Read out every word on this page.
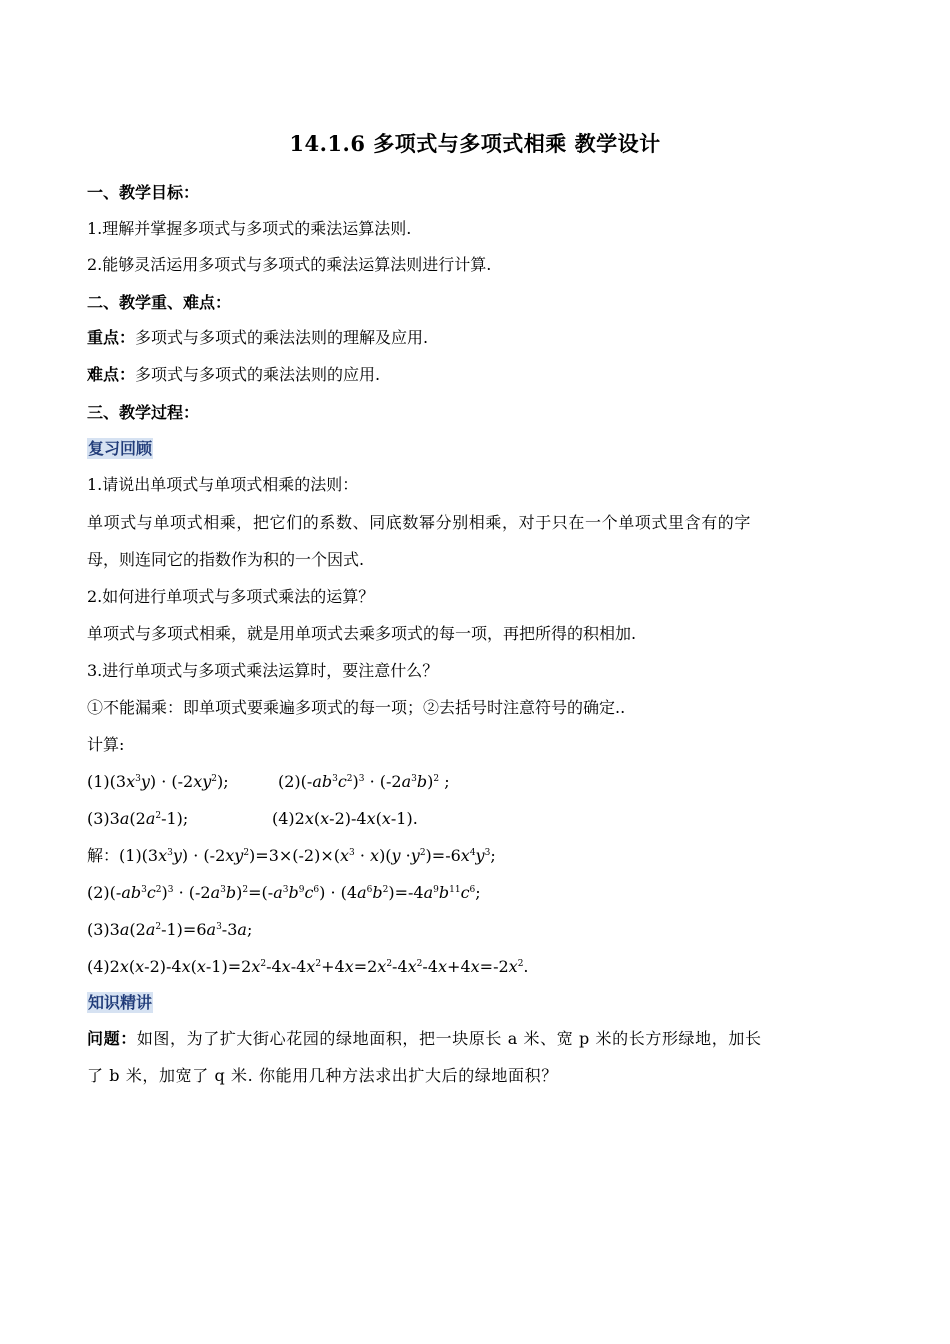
14.1.6 多项式与多项式相乘 教学设计
一、教学目标：
1.理解并掌握多项式与多项式的乘法运算法则.
2.能够灵活运用多项式与多项式的乘法运算法则进行计算.
二、教学重、难点：
重点：多项式与多项式的乘法法则的理解及应用.
难点：多项式与多项式的乘法法则的应用.
三、教学过程：
复习回顾
1.请说出单项式与单项式相乘的法则：
单项式与单项式相乘，把它们的系数、同底数幂分别相乘，对于只在一个单项式里含有的字
母，则连同它的指数作为积的一个因式.
2.如何进行单项式与多项式乘法的运算？
单项式与多项式相乘，就是用单项式去乘多项式的每一项，再把所得的积相加.
3.进行单项式与多项式乘法运算时，要注意什么？
①不能漏乘：即单项式要乘遍多项式的每一项；②去括号时注意符号的确定..
计算:
$(1)(3x^3y) \cdot (-2xy^2)$;	$(2)(-ab^3c^2)^3 \cdot (-2a^3b)^2$ ;
$(3)3a(2a^2-1)$;	(4)2x(x-2)-4x(x-1).
解：$(1)(3x^3y) \cdot (-2xy^2)=3\times(-2)\times(x^3 \cdot x)(y \cdot y^2)=-6x^4y^3$;
$(2)(-ab^3c^2)^3 \cdot (-2a^3b)^2=(-a^3b^9c^6) \cdot (4a^6b^2)=-4a^9b^{11}c^6$;
$(3)3a(2a^2-1)=6a^3-3a$;
$(4)2x(x-2)-4x(x-1)=2x^2-4x-4x^2+4x=2x^2-4x^2-4x+4x=-2x^2$.
知识精讲
问题：如图，为了扩大街心花园的绿地面积，把一块原长 a 米、宽 p 米的长方形绿地，加长
了 b 米，加宽了 q 米. 你能用几种方法求出扩大后的绿地面积？
